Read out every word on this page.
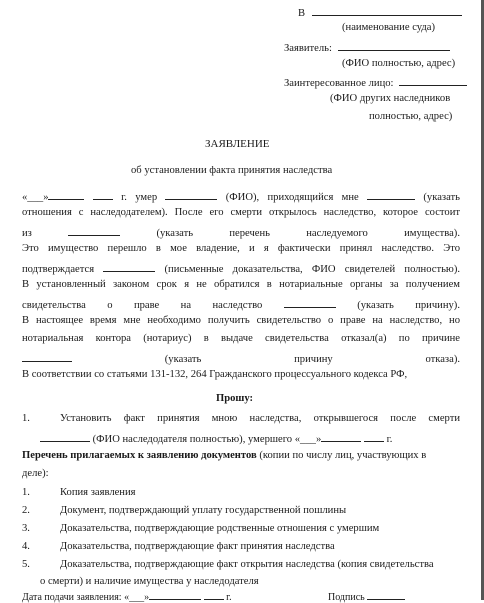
В
(наименование суда)
Заявитель:
(ФИО полностью, адрес)
Заинтересованное лицо:
(ФИО других наследников
полностью, адрес)
ЗАЯВЛЕНИЕ
об установлении факта принятия наследства
«___»	г. умер	(ФИО), приходящийся мне	(указать
отношения с наследодателем). После его смерти открылось наследство, которое состоит
из	(указать перечень наследуемого имущества).
Это имущество перешло в мое владение, и я фактически принял наследство. Это
подтверждается	(письменные доказательства, ФИО свидетелей полностью).
В установленный законом срок я не обратился в нотариальные органы за получением
свидетельства о праве на наследство	(указать причину).
В настоящее время мне необходимо получить свидетельство о праве на наследство, но
нотариальная контора (нотариус) в выдаче свидетельства отказал(а) по причине
(указать причину отказа).
В соответствии со статьями 131-132, 264 Гражданского процессуального кодекса РФ,
Прошу:
1.	Установить факт принятия мною наследства, открывшегося после смерти
(ФИО наследодателя полностью), умершего «___»	г.
Перечень прилагаемых к заявлению документов (копии по числу лиц, участвующих в
деле):
1.	Копия заявления
2.	Документ, подтверждающий уплату государственной пошлины
3.	Доказательства, подтверждающие родственные отношения с умершим
4.	Доказательства, подтверждающие факт принятия наследства
5.	Доказательства, подтверждающие факт открытия наследства (копия свидетельства
о смерти) и наличие имущества у наследодателя
Дата подачи заявления: «___»	г.	Подпись
